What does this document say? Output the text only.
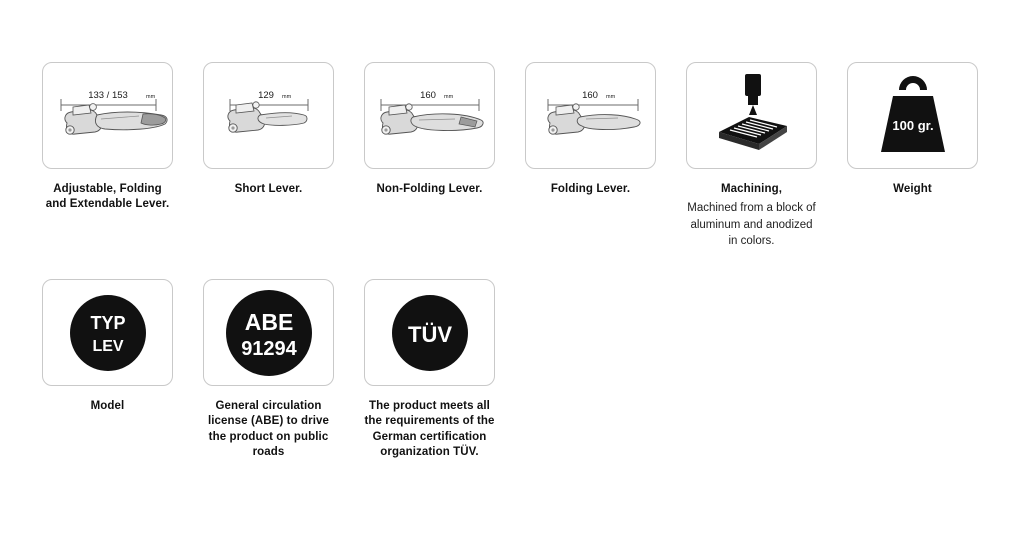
133 / 153	mm
Adjustable, Folding and Extendable Lever.
129 mm
Short Lever.
160 mm
Non-Folding Lever.
160 mm
Folding Lever.	Machining,
Machined from a block of aluminum and anodized in colors.
100 gr.
Weight
TYP
LEV
Model
ABE
91294
General circulation license (ABE) to drive the product on public roads
TÜV
The product meets all the requirements of the German certification organization TÜV.
